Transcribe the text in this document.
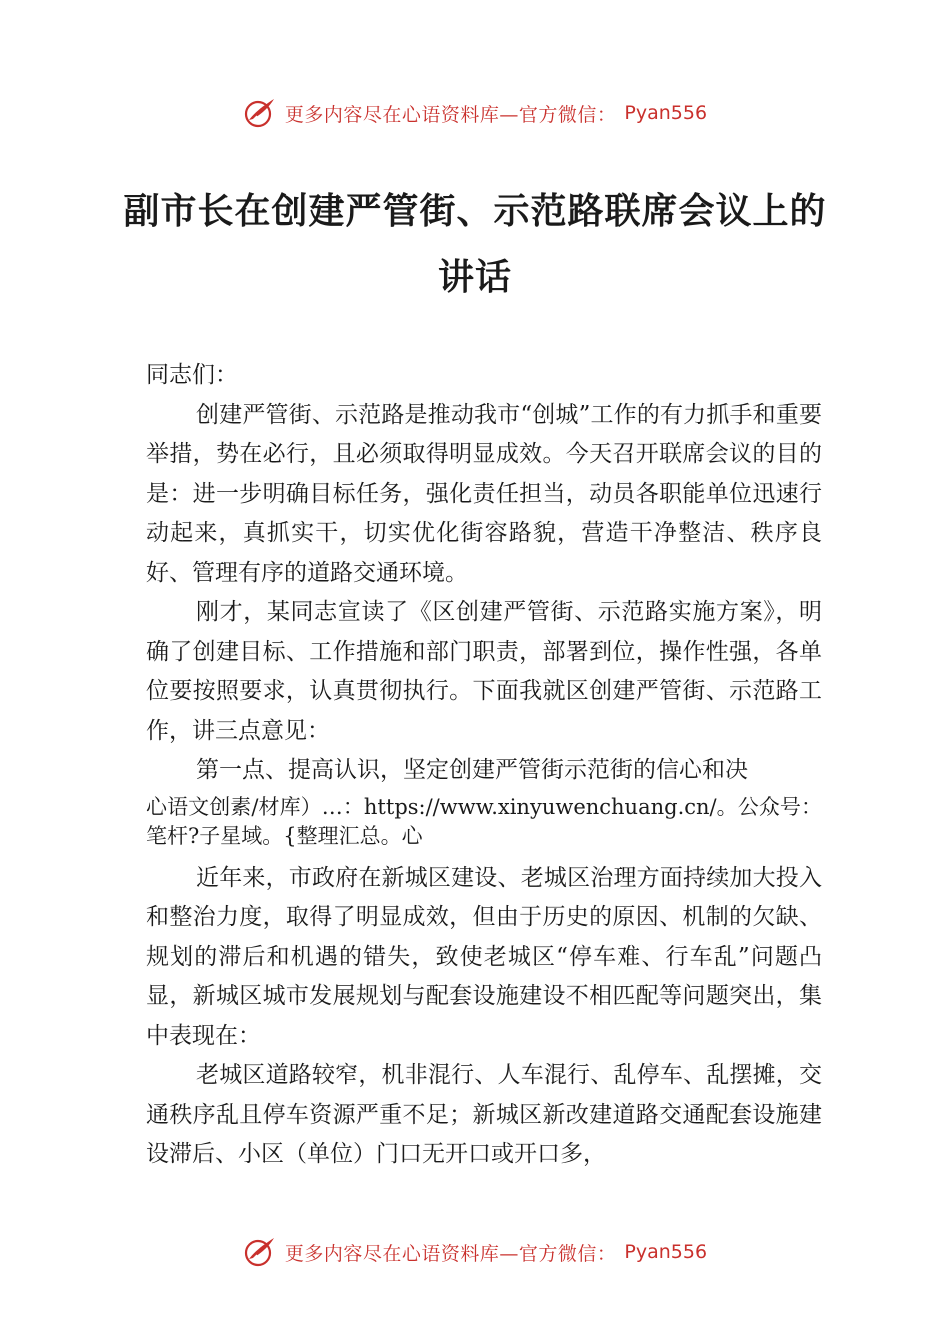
更多内容尽在心语资料库—官方微信： Pyan556
副市长在创建严管街、示范路联席会议上的讲话

同志们：

创建严管街、示范路是推动我市“创城”工作的有力抓手和重要举措，势在必行，且必须取得明显成效。今天召开联席会议的目的是：进一步明确目标任务，强化责任担当，动员各职能单位迅速行动起来，真抓实干，切实优化街容路貌，营造干净整洁、秩序良好、管理有序的道路交通环境。

刚才，某同志宣读了《区创建严管街、示范路实施方案》，明确了创建目标、工作措施和部门职责，部署到位，操作性强，各单位要按照要求，认真贯彻执行。下面我就区创建严管街、示范路工作，讲三点意见：

第一点、提高认识，坚定创建严管街示范街的信心和决

心语文创素/材库）…：https://www.xinyuwenchuang.cn/。公众号：笔杆?子星域。{整理汇总。心

近年来，市政府在新城区建设、老城区治理方面持续加大投入和整治力度，取得了明显成效，但由于历史的原因、机制的欠缺、规划的滞后和机遇的错失，致使老城区“停车难、行车乱”问题凸显，新城区城市发展规划与配套设施建设不相匹配等问题突出，集中表现在：

老城区道路较窄，机非混行、人车混行、乱停车、乱摆摊，交通秩序乱且停车资源严重不足；新城区新改建道路交通配套设施建设滞后、小区（单位）门口无开口或开口多，

更多内容尽在心语资料库—官方微信： Pyan556
